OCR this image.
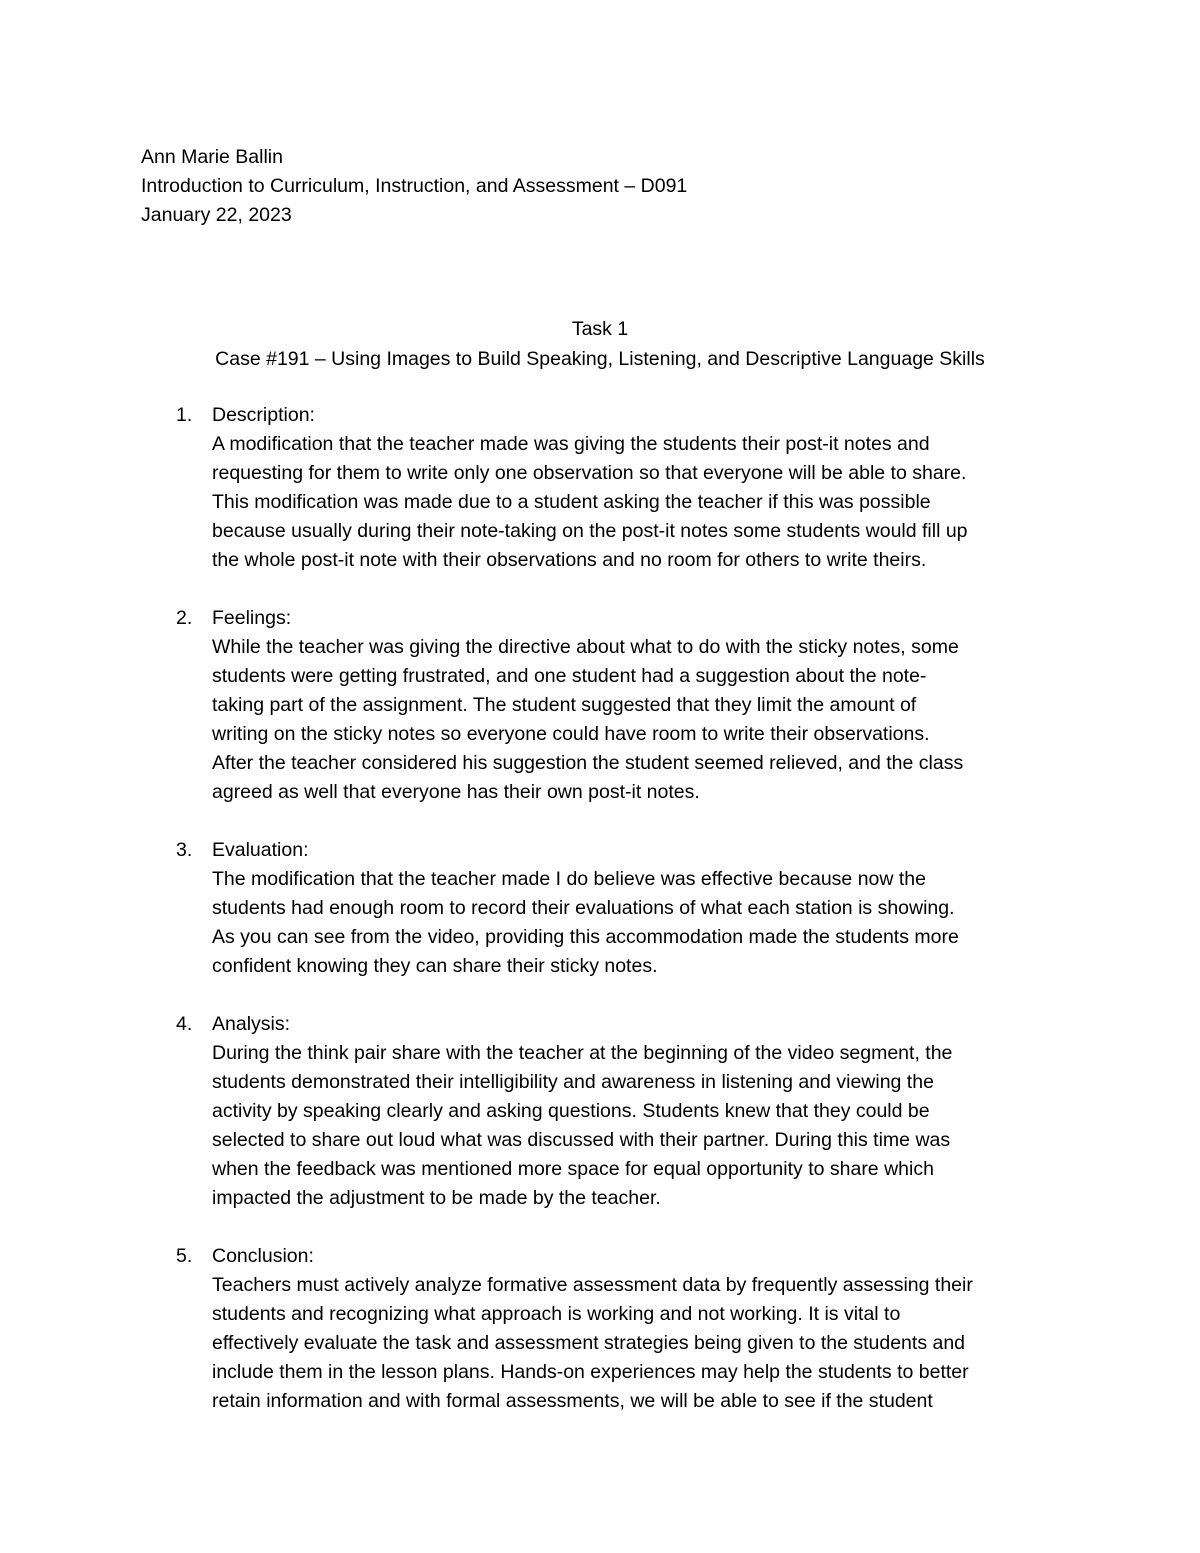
Ann Marie Ballin
Introduction to Curriculum, Instruction, and Assessment – D091
January 22, 2023
Task 1
Case #191 – Using Images to Build Speaking, Listening, and Descriptive Language Skills
1. Description:
A modification that the teacher made was giving the students their post-it notes and
requesting for them to write only one observation so that everyone will be able to share.
This modification was made due to a student asking the teacher if this was possible
because usually during their note-taking on the post-it notes some students would fill up
the whole post-it note with their observations and no room for others to write theirs.
2. Feelings:
While the teacher was giving the directive about what to do with the sticky notes, some
students were getting frustrated, and one student had a suggestion about the note-
taking part of the assignment. The student suggested that they limit the amount of
writing on the sticky notes so everyone could have room to write their observations.
After the teacher considered his suggestion the student seemed relieved, and the class
agreed as well that everyone has their own post-it notes.
3. Evaluation:
The modification that the teacher made I do believe was effective because now the
students had enough room to record their evaluations of what each station is showing.
As you can see from the video, providing this accommodation made the students more
confident knowing they can share their sticky notes.
4. Analysis:
During the think pair share with the teacher at the beginning of the video segment, the
students demonstrated their intelligibility and awareness in listening and viewing the
activity by speaking clearly and asking questions. Students knew that they could be
selected to share out loud what was discussed with their partner. During this time was
when the feedback was mentioned more space for equal opportunity to share which
impacted the adjustment to be made by the teacher.
5. Conclusion:
Teachers must actively analyze formative assessment data by frequently assessing their
students and recognizing what approach is working and not working. It is vital to
effectively evaluate the task and assessment strategies being given to the students and
include them in the lesson plans. Hands-on experiences may help the students to better
retain information and with formal assessments, we will be able to see if the student
